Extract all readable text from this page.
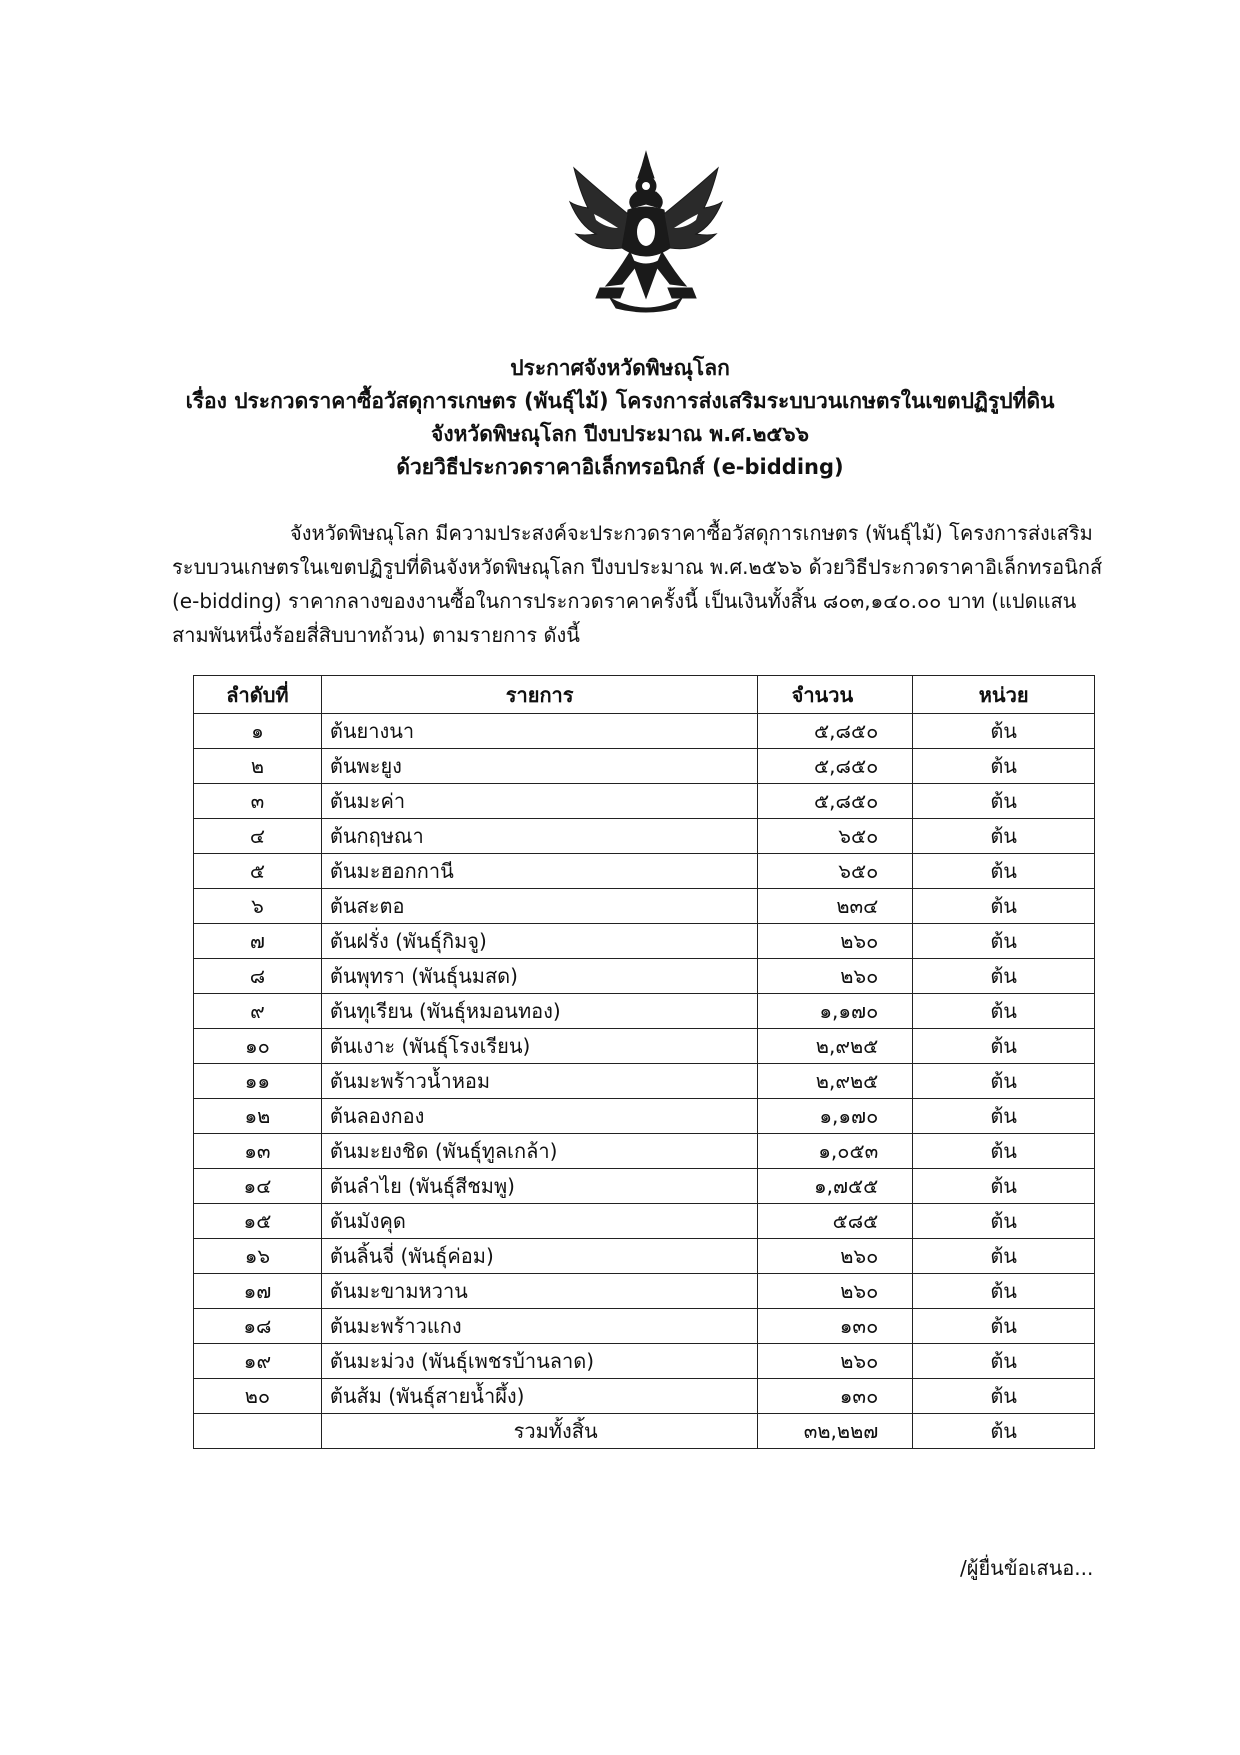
ประกาศจังหวัดพิษณุโลก
เรื่อง ประกวดราคาซื้อวัสดุการเกษตร (พันธุ์ไม้) โครงการส่งเสริมระบบวนเกษตรในเขตปฏิรูปที่ดิน
จังหวัดพิษณุโลก ปีงบประมาณ พ.ศ.๒๕๖๖
ด้วยวิธีประกวดราคาอิเล็กทรอนิกส์ (e-bidding)
จังหวัดพิษณุโลก มีความประสงค์จะประกวดราคาซื้อวัสดุการเกษตร (พันธุ์ไม้) โครงการส่งเสริม
ระบบวนเกษตรในเขตปฏิรูปที่ดินจังหวัดพิษณุโลก ปีงบประมาณ พ.ศ.๒๕๖๖ ด้วยวิธีประกวดราคาอิเล็กทรอนิกส์
(e-bidding) ราคากลางของงานซื้อในการประกวดราคาครั้งนี้ เป็นเงินทั้งสิ้น ๘๐๓,๑๔๐.๐๐ บาท (แปดแสน
สามพันหนึ่งร้อยสี่สิบบาทถ้วน) ตามรายการ ดังนี้
ลำดับที่	รายการ	จำนวน	หน่วย
๑	ต้นยางนา	๕,๘๕๐	ต้น
๒	ต้นพะยูง	๕,๘๕๐	ต้น
๓	ต้นมะค่า	๕,๘๕๐	ต้น
๔	ต้นกฤษณา	๖๕๐	ต้น
๕	ต้นมะฮอกกานี	๖๕๐	ต้น
๖	ต้นสะตอ	๒๓๔	ต้น
๗	ต้นฝรั่ง (พันธุ์กิมจู)	๒๖๐	ต้น
๘	ต้นพุทรา (พันธุ์นมสด)	๒๖๐	ต้น
๙	ต้นทุเรียน (พันธุ์หมอนทอง)	๑,๑๗๐	ต้น
๑๐	ต้นเงาะ (พันธุ์โรงเรียน)	๒,๙๒๕	ต้น
๑๑	ต้นมะพร้าวน้ำหอม	๒,๙๒๕	ต้น
๑๒	ต้นลองกอง	๑,๑๗๐	ต้น
๑๓	ต้นมะยงชิด (พันธุ์ทูลเกล้า)	๑,๐๕๓	ต้น
๑๔	ต้นลำไย (พันธุ์สีชมพู)	๑,๗๕๕	ต้น
๑๕	ต้นมังคุด	๕๘๕	ต้น
๑๖	ต้นลิ้นจี่ (พันธุ์ค่อม)	๒๖๐	ต้น
๑๗	ต้นมะขามหวาน	๒๖๐	ต้น
๑๘	ต้นมะพร้าวแกง	๑๓๐	ต้น
๑๙	ต้นมะม่วง (พันธุ์เพชรบ้านลาด)	๒๖๐	ต้น
๒๐	ต้นส้ม (พันธุ์สายน้ำผึ้ง)	๑๓๐	ต้น
	รวมทั้งสิ้น	๓๒,๒๒๗	ต้น
/ผู้ยื่นข้อเสนอ...
